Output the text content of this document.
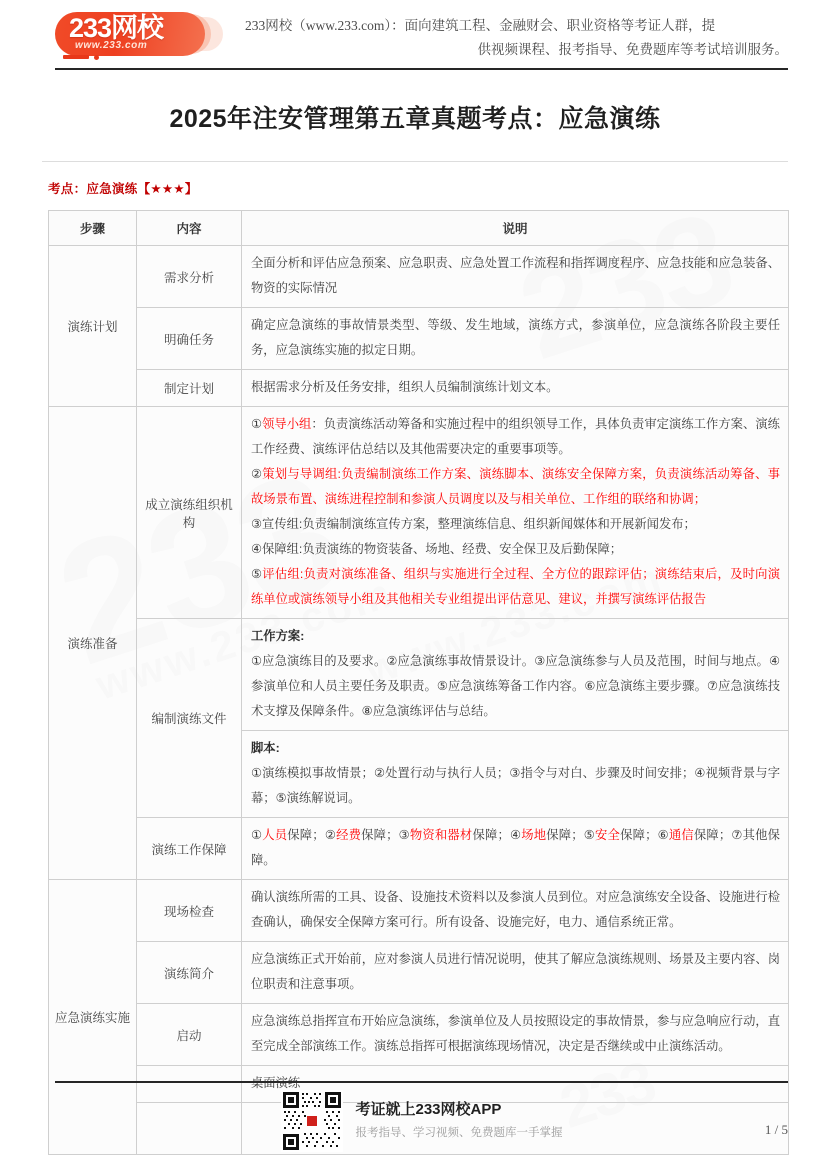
233网校
www.233.com

233网校（www.233.com）：面向建筑工程、金融财会、职业资格等考证人群，提

供视频课程、报考指导、免费题库等考试培训服务。

2025年注安管理第五章真题考点：应急演练
考点：应急演练【★★★】
步骤	内容	说明
演练计划	需求分析	全面分析和评估应急预案、应急职责、应急处置工作流程和指挥调度程序、应急技能和应急装备、物资的实际情况
	明确任务	确定应急演练的事故情景类型、等级、发生地域，演练方式，参演单位，应急演练各阶段主要任务，应急演练实施的拟定日期。
	制定计划	根据需求分析及任务安排，组织人员编制演练计划文本。
演练准备	成立演练组织机构	①领导小组：负责演练活动筹备和实施过程中的组织领导工作，具体负责审定演练工作方案、演练工作经费、演练评估总结以及其他需要决定的重要事项等。
②策划与导调组:负责编制演练工作方案、演练脚本、演练安全保障方案，负责演练活动筹备、事故场景布置、演练进程控制和参演人员调度以及与相关单位、工作组的联络和协调；
③宣传组:负责编制演练宣传方案，整理演练信息、组织新闻媒体和开展新闻发布；
④保障组:负责演练的物资装备、场地、经费、安全保卫及后勤保障；
⑤评估组:负责对演练准备、组织与实施进行全过程、全方位的跟踪评估；演练结束后，及时向演练单位或演练领导小组及其他相关专业组提出评估意见、建议，并撰写演练评估报告
	编制演练文件	工作方案:
①应急演练目的及要求。②应急演练事故情景设计。③应急演练参与人员及范围，时间与地点。④参演单位和人员主要任务及职责。⑤应急演练筹备工作内容。⑥应急演练主要步骤。⑦应急演练技术支撑及保障条件。⑧应急演练评估与总结。
		脚本:
①演练模拟事故情景；②处置行动与执行人员；③指令与对白、步骤及时间安排；④视频背景与字幕；⑤演练解说词。
	演练工作保障	①人员保障；②经费保障；③物资和器材保障；④场地保障；⑤安全保障；⑥通信保障；⑦其他保障。
应急演练实施	现场检查	确认演练所需的工具、设备、设施技术资料以及参演人员到位。对应急演练安全设备、设施进行检查确认，确保安全保障方案可行。所有设备、设施完好，电力、通信系统正常。
	演练简介	应急演练正式开始前，应对参演人员进行情况说明，使其了解应急演练规则、场景及主要内容、岗位职责和注意事项。
	启动	应急演练总指挥宣布开始应急演练，参演单位及人员按照设定的事故情景，参与应急响应行动，直至完成全部演练工作。演练总指挥可根据演练现场情况，决定是否继续或中止演练活动。
		桌面演练

考证就上233网校APP
报考指导、学习视频、免费题库一手掌握	1 / 5
